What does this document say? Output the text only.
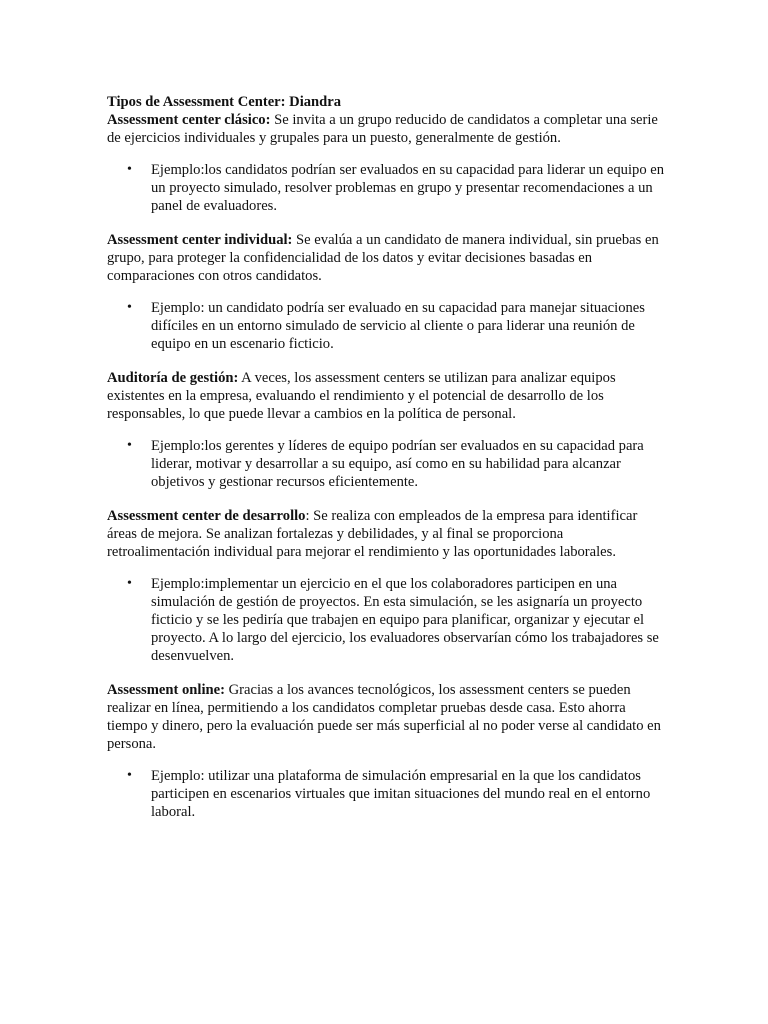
Tipos de Assessment Center: Diandra

Assessment center clásico: Se invita a un grupo reducido de candidatos a completar una serie de ejercicios individuales y grupales para un puesto, generalmente de gestión.

• Ejemplo:los candidatos podrían ser evaluados en su capacidad para liderar un equipo en un proyecto simulado, resolver problemas en grupo y presentar recomendaciones a un panel de evaluadores.

Assessment center individual: Se evalúa a un candidato de manera individual, sin pruebas en grupo, para proteger la confidencialidad de los datos y evitar decisiones basadas en comparaciones con otros candidatos.

• Ejemplo: un candidato podría ser evaluado en su capacidad para manejar situaciones difíciles en un entorno simulado de servicio al cliente o para liderar una reunión de equipo en un escenario ficticio.

Auditoría de gestión: A veces, los assessment centers se utilizan para analizar equipos existentes en la empresa, evaluando el rendimiento y el potencial de desarrollo de los responsables, lo que puede llevar a cambios en la política de personal.

• Ejemplo:los gerentes y líderes de equipo podrían ser evaluados en su capacidad para liderar, motivar y desarrollar a su equipo, así como en su habilidad para alcanzar objetivos y gestionar recursos eficientemente.

Assessment center de desarrollo: Se realiza con empleados de la empresa para identificar áreas de mejora. Se analizan fortalezas y debilidades, y al final se proporciona retroalimentación individual para mejorar el rendimiento y las oportunidades laborales.

• Ejemplo:implementar un ejercicio en el que los colaboradores participen en una simulación de gestión de proyectos. En esta simulación, se les asignaría un proyecto ficticio y se les pediría que trabajen en equipo para planificar, organizar y ejecutar el proyecto. A lo largo del ejercicio, los evaluadores observarían cómo los trabajadores se desenvuelven.

Assessment online: Gracias a los avances tecnológicos, los assessment centers se pueden realizar en línea, permitiendo a los candidatos completar pruebas desde casa. Esto ahorra tiempo y dinero, pero la evaluación puede ser más superficial al no poder verse al candidato en persona.

• Ejemplo: utilizar una plataforma de simulación empresarial en la que los candidatos participen en escenarios virtuales que imitan situaciones del mundo real en el entorno laboral.
